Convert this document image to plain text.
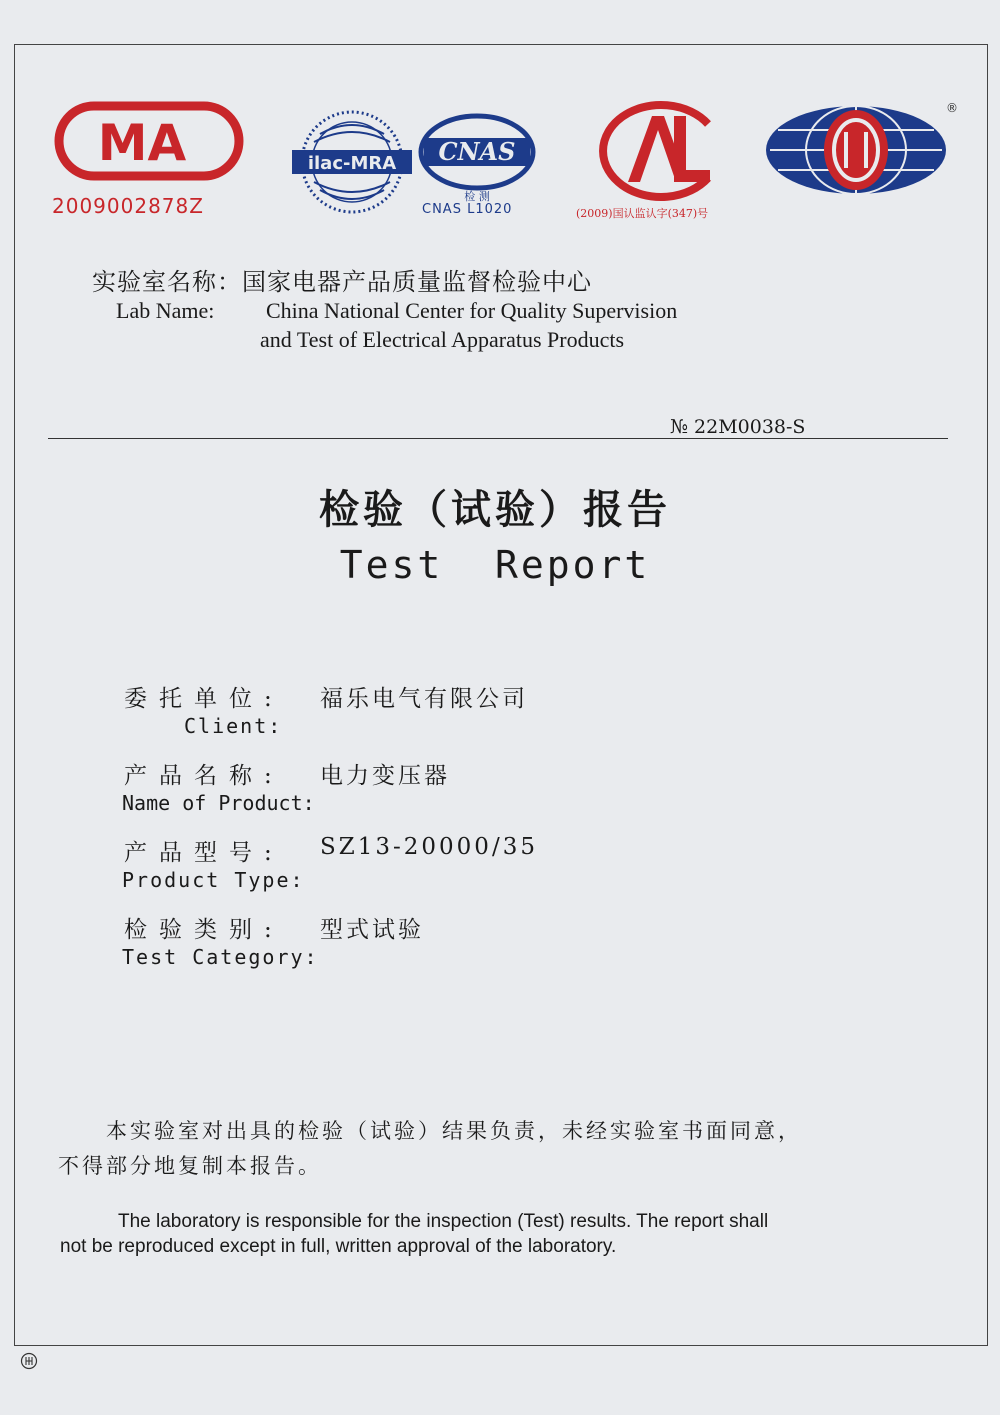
MA
2009002878Z
ilac-MRA CNAS
检 测
CNAS L1020	(2009)国认监认字(347)号
®
实验室名称：国家电器产品质量监督检验中心
Lab Name: China National Center for Quality Supervision
and Test of Electrical Apparatus Products
№ 22M0038-S
检验（试验）报告
Test  Report
委托单位: 福乐电气有限公司
Client:
产品名称: 电力变压器
Name of Product:
产品型号: SZ13-20000/35
Product Type:
检验类别: 型式试验
Test Category:
本实验室对出具的检验（试验）结果负责，未经实验室书面同意，
不得部分地复制本报告。
The laboratory is responsible for the inspection (Test) results. The report shall
not be reproduced except in full, written approval of the laboratory.
